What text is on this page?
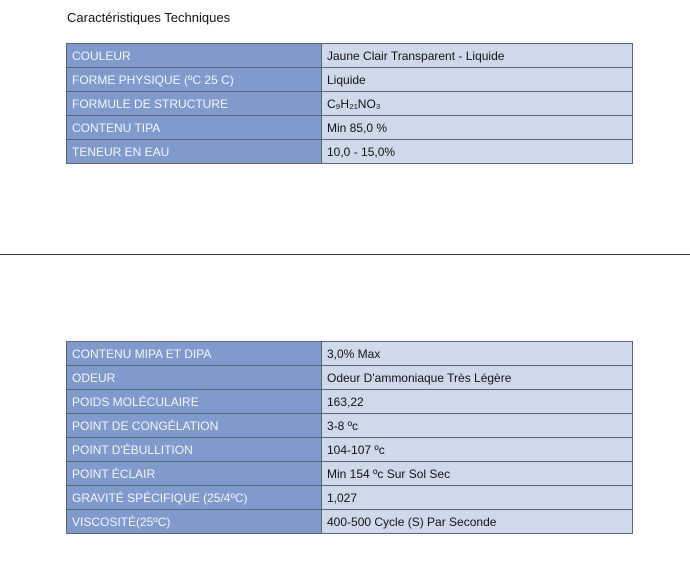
Caractéristiques Techniques
COULEUR	Jaune Clair Transparent - Liquide
FORME PHYSIQUE (ºC 25 C)	Liquide
FORMULE DE STRUCTURE	C₉H₂₁NO₃
CONTENU TIPA	Min 85,0 %
TENEUR EN EAU	10,0 - 15,0%
CONTENU MIPA ET DIPA	3,0% Max
ODEUR	Odeur D'ammoniaque Très Légère
POIDS MOLÉCULAIRE	163,22
POINT DE CONGÉLATION	3-8 ºc
POINT D'ÉBULLITION	104-107 ºc
POINT ÉCLAIR	Min 154 ºc Sur Sol Sec
GRAVITÉ SPÉCIFIQUE (25/4ºC)	1,027
VISCOSITÉ(25ºC)	400-500 Cycle (S) Par Seconde
